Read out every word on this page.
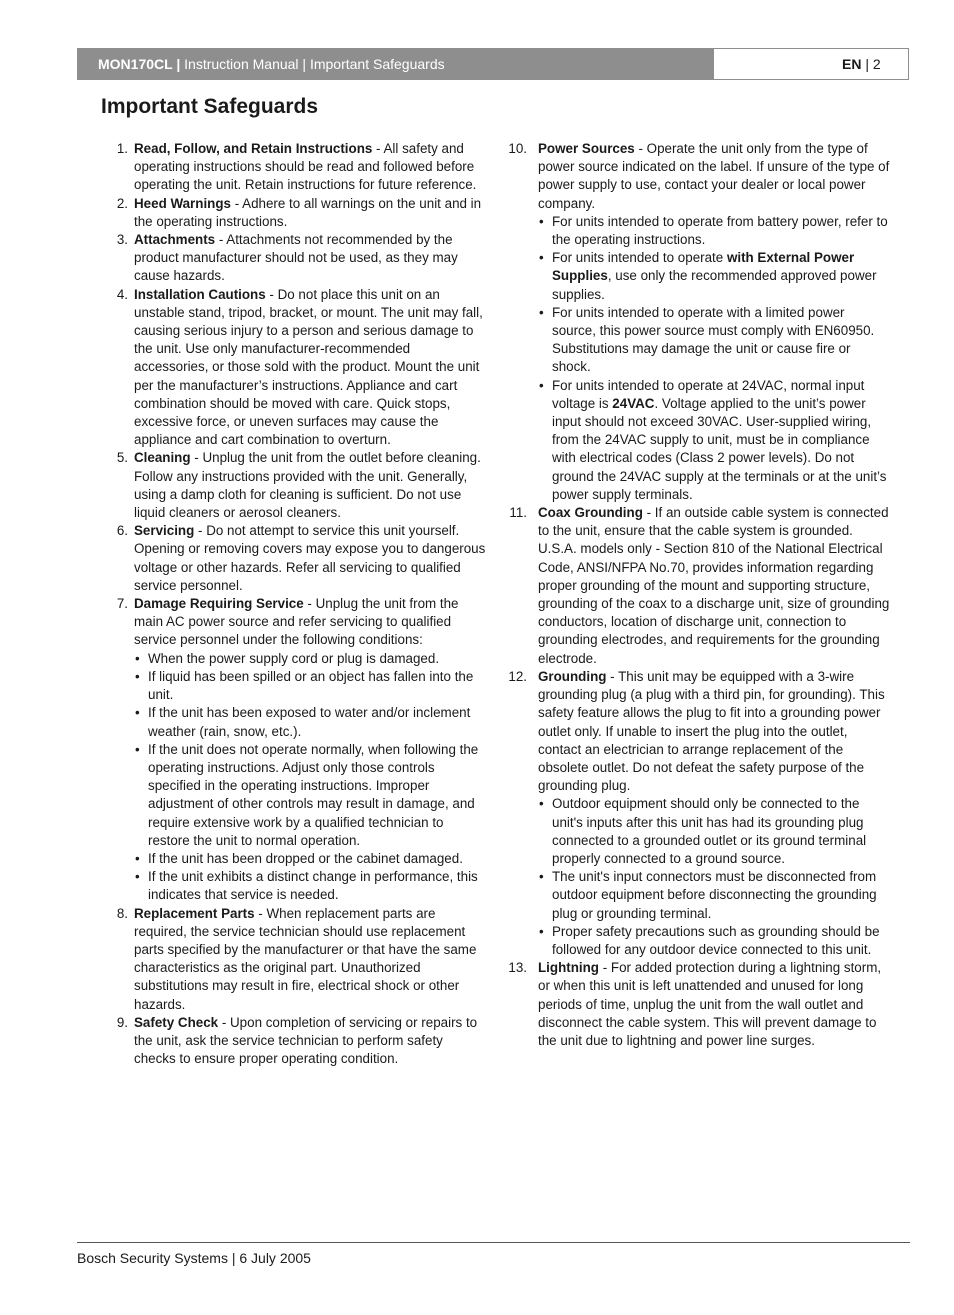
MON170CL | Instruction Manual | Important Safeguards	EN | 2
Important Safeguards
1. Read, Follow, and Retain Instructions - All safety and operating instructions should be read and followed before operating the unit. Retain instructions for future reference.
2. Heed Warnings - Adhere to all warnings on the unit and in the operating instructions.
3. Attachments - Attachments not recommended by the product manufacturer should not be used, as they may cause hazards.
4. Installation Cautions - Do not place this unit on an unstable stand, tripod, bracket, or mount. The unit may fall, causing serious injury to a person and serious damage to the unit. Use only manufacturer-recommended accessories, or those sold with the product. Mount the unit per the manufacturer’s instructions. Appliance and cart combination should be moved with care. Quick stops, excessive force, or uneven surfaces may cause the appliance and cart combination to overturn.
5. Cleaning - Unplug the unit from the outlet before cleaning. Follow any instructions provided with the unit. Generally, using a damp cloth for cleaning is sufficient. Do not use liquid cleaners or aerosol cleaners.
6. Servicing - Do not attempt to service this unit yourself. Opening or removing covers may expose you to dangerous voltage or other hazards. Refer all servicing to qualified service personnel.
7. Damage Requiring Service - Unplug the unit from the main AC power source and refer servicing to qualified service personnel under the following conditions:
• When the power supply cord or plug is damaged.
• If liquid has been spilled or an object has fallen into the unit.
• If the unit has been exposed to water and/or inclement weather (rain, snow, etc.).
• If the unit does not operate normally, when following the operating instructions. Adjust only those controls specified in the operating instructions. Improper adjustment of other controls may result in damage, and require extensive work by a qualified technician to restore the unit to normal operation.
• If the unit has been dropped or the cabinet damaged.
• If the unit exhibits a distinct change in performance, this indicates that service is needed.
8. Replacement Parts - When replacement parts are required, the service technician should use replacement parts specified by the manufacturer or that have the same characteristics as the original part. Unauthorized substitutions may result in fire, electrical shock or other hazards.
9. Safety Check - Upon completion of servicing or repairs to the unit, ask the service technician to perform safety checks to ensure proper operating condition.
10. Power Sources - Operate the unit only from the type of power source indicated on the label. If unsure of the type of power supply to use, contact your dealer or local power company.
• For units intended to operate from battery power, refer to the operating instructions.
• For units intended to operate with External Power Supplies, use only the recommended approved power supplies.
• For units intended to operate with a limited power source, this power source must comply with EN60950. Substitutions may damage the unit or cause fire or shock.
• For units intended to operate at 24VAC, normal input voltage is 24VAC. Voltage applied to the unit’s power input should not exceed 30VAC. User-supplied wiring, from the 24VAC supply to unit, must be in compliance with electrical codes (Class 2 power levels). Do not ground the 24VAC supply at the terminals or at the unit’s power supply terminals.
11. Coax Grounding - If an outside cable system is connected to the unit, ensure that the cable system is grounded. U.S.A. models only - Section 810 of the National Electrical Code, ANSI/NFPA No.70, provides information regarding proper grounding of the mount and supporting structure, grounding of the coax to a discharge unit, size of grounding conductors, location of discharge unit, connection to grounding electrodes, and requirements for the grounding electrode.
12. Grounding - This unit may be equipped with a 3-wire grounding plug (a plug with a third pin, for grounding). This safety feature allows the plug to fit into a grounding power outlet only. If unable to insert the plug into the outlet, contact an electrician to arrange replacement of the obsolete outlet. Do not defeat the safety purpose of the grounding plug.
• Outdoor equipment should only be connected to the unit's inputs after this unit has had its grounding plug connected to a grounded outlet or its ground terminal properly connected to a ground source.
• The unit's input connectors must be disconnected from outdoor equipment before disconnecting the grounding plug or grounding terminal.
• Proper safety precautions such as grounding should be followed for any outdoor device connected to this unit.
13. Lightning - For added protection during a lightning storm, or when this unit is left unattended and unused for long periods of time, unplug the unit from the wall outlet and disconnect the cable system. This will prevent damage to the unit due to lightning and power line surges.
Bosch Security Systems | 6 July 2005
